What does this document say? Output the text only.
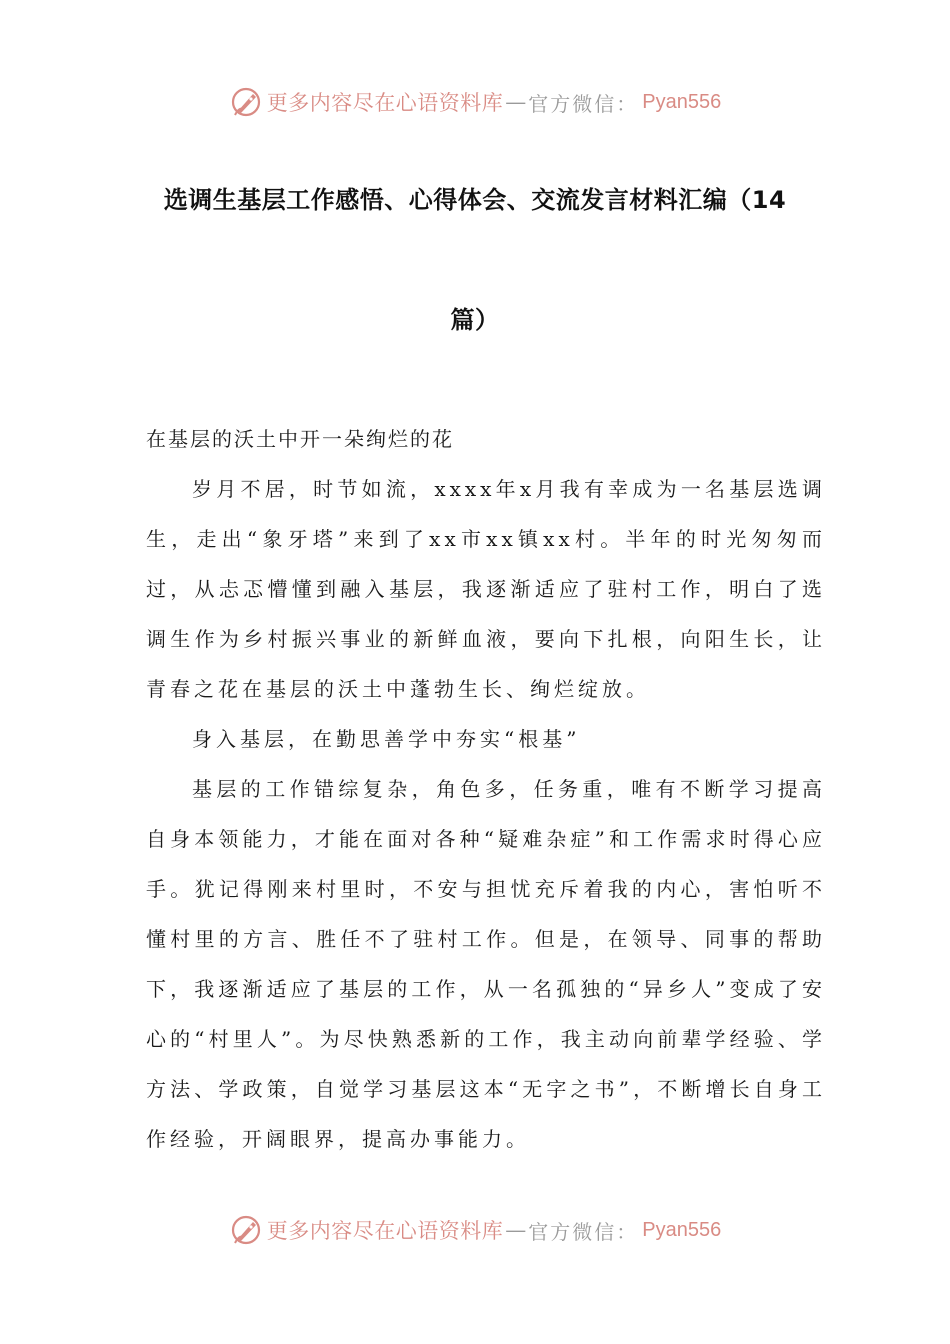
更多内容尽在心语资料库 — 官方微信： Pyan556
选调生基层工作感悟、心得体会、交流发言材料汇编（14
篇）

在基层的沃土中开一朵绚烂的花

岁月不居，时节如流，xxxx年x月我有幸成为一名基层选调生，走出“象牙塔”来到了xx市xx镇xx村。半年的时光匆匆而过，从忐忑懵懂到融入基层，我逐渐适应了驻村工作，明白了选调生作为乡村振兴事业的新鲜血液，要向下扎根，向阳生长，让青春之花在基层的沃土中蓬勃生长、绚烂绽放。

身入基层，在勤思善学中夯实“根基”

基层的工作错综复杂，角色多，任务重，唯有不断学习提高自身本领能力，才能在面对各种“疑难杂症”和工作需求时得心应手。犹记得刚来村里时，不安与担忧充斥着我的内心，害怕听不懂村里的方言、胜任不了驻村工作。但是，在领导、同事的帮助下，我逐渐适应了基层的工作，从一名孤独的“异乡人”变成了安心的“村里人”。为尽快熟悉新的工作，我主动向前辈学经验、学方法、学政策，自觉学习基层这本“无字之书”，不断增长自身工作经验，开阔眼界，提高办事能力。

更多内容尽在心语资料库 — 官方微信： Pyan556
